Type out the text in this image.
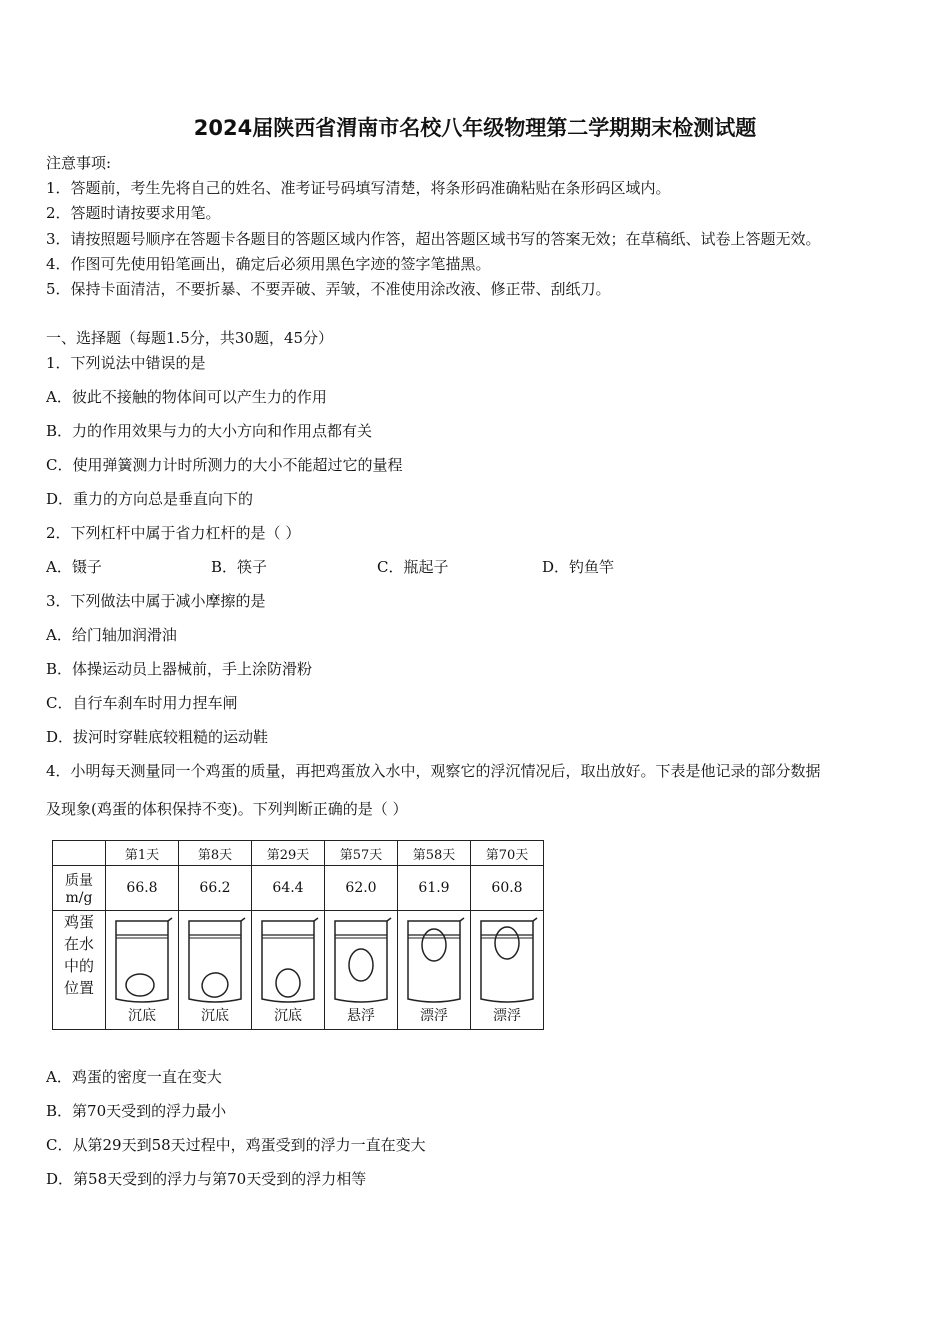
2024届陕西省渭南市名校八年级物理第二学期期末检测试题
注意事项:
1．答题前，考生先将自己的姓名、准考证号码填写清楚，将条形码准确粘贴在条形码区域内。
2．答题时请按要求用笔。
3．请按照题号顺序在答题卡各题目的答题区域内作答，超出答题区域书写的答案无效；在草稿纸、试卷上答题无效。
4．作图可先使用铅笔画出，确定后必须用黑色字迹的签字笔描黑。
5．保持卡面清洁，不要折暴、不要弄破、弄皱，不准使用涂改液、修正带、刮纸刀。
一、选择题（每题1.5分，共30题，45分）
1．下列说法中错误的是
A．彼此不接触的物体间可以产生力的作用
B．力的作用效果与力的大小方向和作用点都有关
C．使用弹簧测力计时所测力的大小不能超过它的量程
D．重力的方向总是垂直向下的
2．下列杠杆中属于省力杠杆的是（ ）
A．镊子	B．筷子	C．瓶起子	D．钓鱼竿
3．下列做法中属于减小摩擦的是
A．给门轴加润滑油
B．体操运动员上器械前，手上涂防滑粉
C．自行车刹车时用力捏车闸
D．拔河时穿鞋底较粗糙的运动鞋
4．小明每天测量同一个鸡蛋的质量，再把鸡蛋放入水中，观察它的浮沉情况后，取出放好。下表是他记录的部分数据
及现象(鸡蛋的体积保持不变)。下列判断正确的是（ ）
	第1天	第8天	第29天	第57天	第58天	第70天

质量
m/g	66.8	66.2	64.4	62.0	61.9	60.8

鸡蛋
在水
中的
位置	沉底	沉底	沉底	悬浮	漂浮	漂浮
A．鸡蛋的密度一直在变大
B．第70天受到的浮力最小
C．从第29天到58天过程中，鸡蛋受到的浮力一直在变大
D．第58天受到的浮力与第70天受到的浮力相等
